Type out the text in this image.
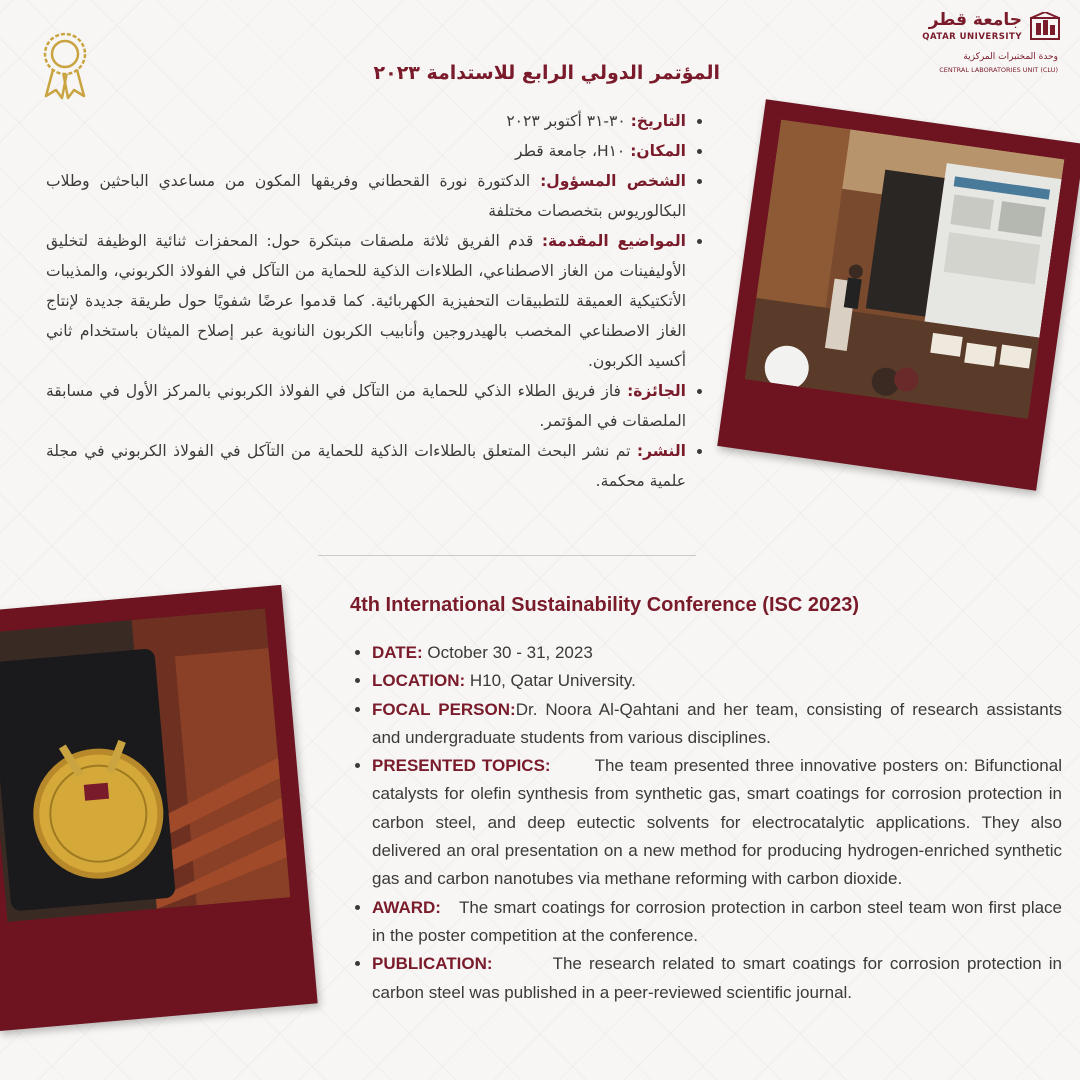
جامعة قطر
QATAR UNIVERSITY
وحدة المختبرات المركزية
CENTRAL LABORATORIES UNIT (CLU)
المؤتمر الدولي الرابع للاستدامة ٢٠٢٣
• التاريخ: ٣٠-٣١ أكتوبر ٢٠٢٣
• المكان: H١٠، جامعة قطر
• الشخص المسؤول: الدكتورة نورة القحطاني وفريقها المكون من مساعدي الباحثين وطلاب البكالوريوس بتخصصات مختلفة
• المواضيع المقدمة: قدم الفريق ثلاثة ملصقات مبتكرة حول: المحفزات ثنائية الوظيفة لتخليق الأوليفينات من الغاز الاصطناعي، الطلاءات الذكية للحماية من التآكل في الفولاذ الكربوني، والمذيبات الأتكتيكية العميقة للتطبيقات التحفيزية الكهربائية. كما قدموا عرضًا شفويًا حول طريقة جديدة لإنتاج الغاز الاصطناعي المخصب بالهيدروجين وأنابيب الكربون النانوية عبر إصلاح الميثان باستخدام ثاني أكسيد الكربون.
• الجائزة: فاز فريق الطلاء الذكي للحماية من التآكل في الفولاذ الكربوني بالمركز الأول في مسابقة الملصقات في المؤتمر.
• النشر: تم نشر البحث المتعلق بالطلاءات الذكية للحماية من التآكل في الفولاذ الكربوني في مجلة علمية محكمة.
4th International Sustainability Conference (ISC 2023)
• DATE: October 30 - 31, 2023
• LOCATION: H10, Qatar University.
• FOCAL PERSON:Dr. Noora Al-Qahtani and her team, consisting of research assistants and undergraduate students from various disciplines.
• PRESENTED TOPICS:	The team presented three innovative posters on: Bifunctional catalysts for olefin synthesis from synthetic gas, smart coatings for corrosion protection in carbon steel, and deep eutectic solvents for electrocatalytic applications. They also delivered an oral presentation on a new method for producing hydrogen-enriched synthetic gas and carbon nanotubes via methane reforming with carbon dioxide.
• AWARD: The smart coatings for corrosion protection in carbon steel team won first place in the poster competition at the conference.
• PUBLICATION:	The research related to smart coatings for corrosion protection in carbon steel was published in a peer-reviewed scientific journal.
